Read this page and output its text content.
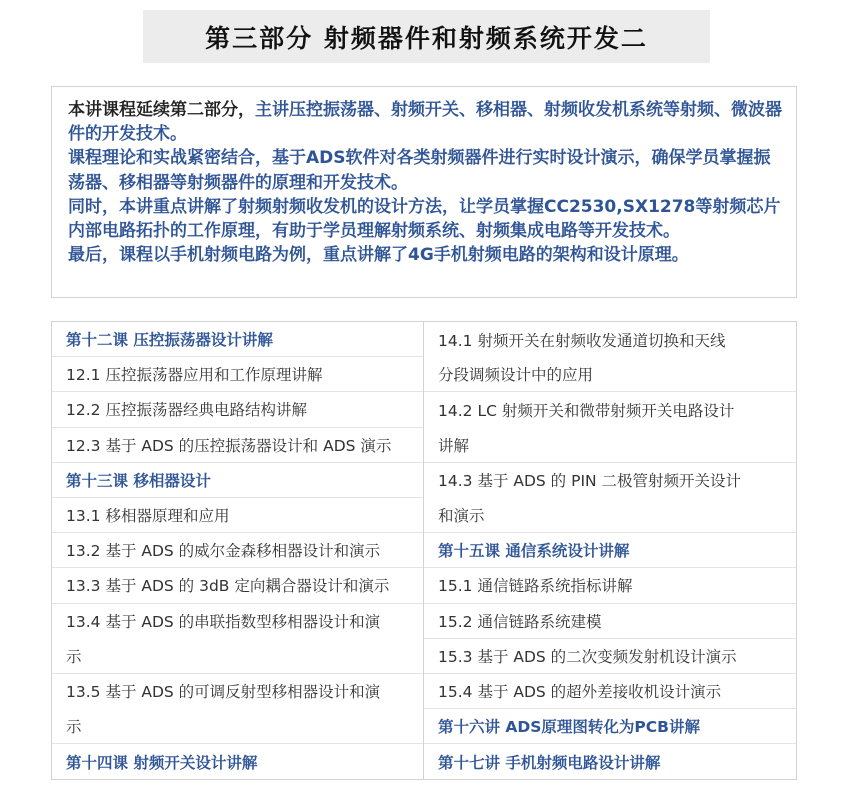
第三部分 射频器件和射频系统开发二
本讲课程延续第二部分，主讲压控振荡器、射频开关、移相器、射频收发机系统等射频、微波器件的开发技术。
课程理论和实战紧密结合，基于ADS软件对各类射频器件进行实时设计演示，确保学员掌握振荡器、移相器等射频器件的原理和开发技术。
同时，本讲重点讲解了射频射频收发机的设计方法，让学员掌握CC2530,SX1278等射频芯片内部电路拓扑的工作原理，有助于学员理解射频系统、射频集成电路等开发技术。
最后，课程以手机射频电路为例，重点讲解了4G手机射频电路的架构和设计原理。
第十二课 压控振荡器设计讲解
12.1 压控振荡器应用和工作原理讲解
12.2 压控振荡器经典电路结构讲解
12.3 基于 ADS 的压控振荡器设计和 ADS 演示
第十三课 移相器设计
13.1 移相器原理和应用
13.2 基于 ADS 的威尔金森移相器设计和演示
13.3 基于 ADS 的 3dB 定向耦合器设计和演示
13.4 基于 ADS 的串联指数型移相器设计和演
示
13.5 基于 ADS 的可调反射型移相器设计和演
示
第十四课 射频开关设计讲解
14.1 射频开关在射频收发通道切换和天线
分段调频设计中的应用
14.2 LC 射频开关和微带射频开关电路设计
讲解
14.3 基于 ADS 的 PIN 二极管射频开关设计
和演示
第十五课 通信系统设计讲解
15.1 通信链路系统指标讲解
15.2 通信链路系统建模
15.3 基于 ADS 的二次变频发射机设计演示
15.4 基于 ADS 的超外差接收机设计演示
第十六讲 ADS原理图转化为PCB讲解
第十七讲 手机射频电路设计讲解
